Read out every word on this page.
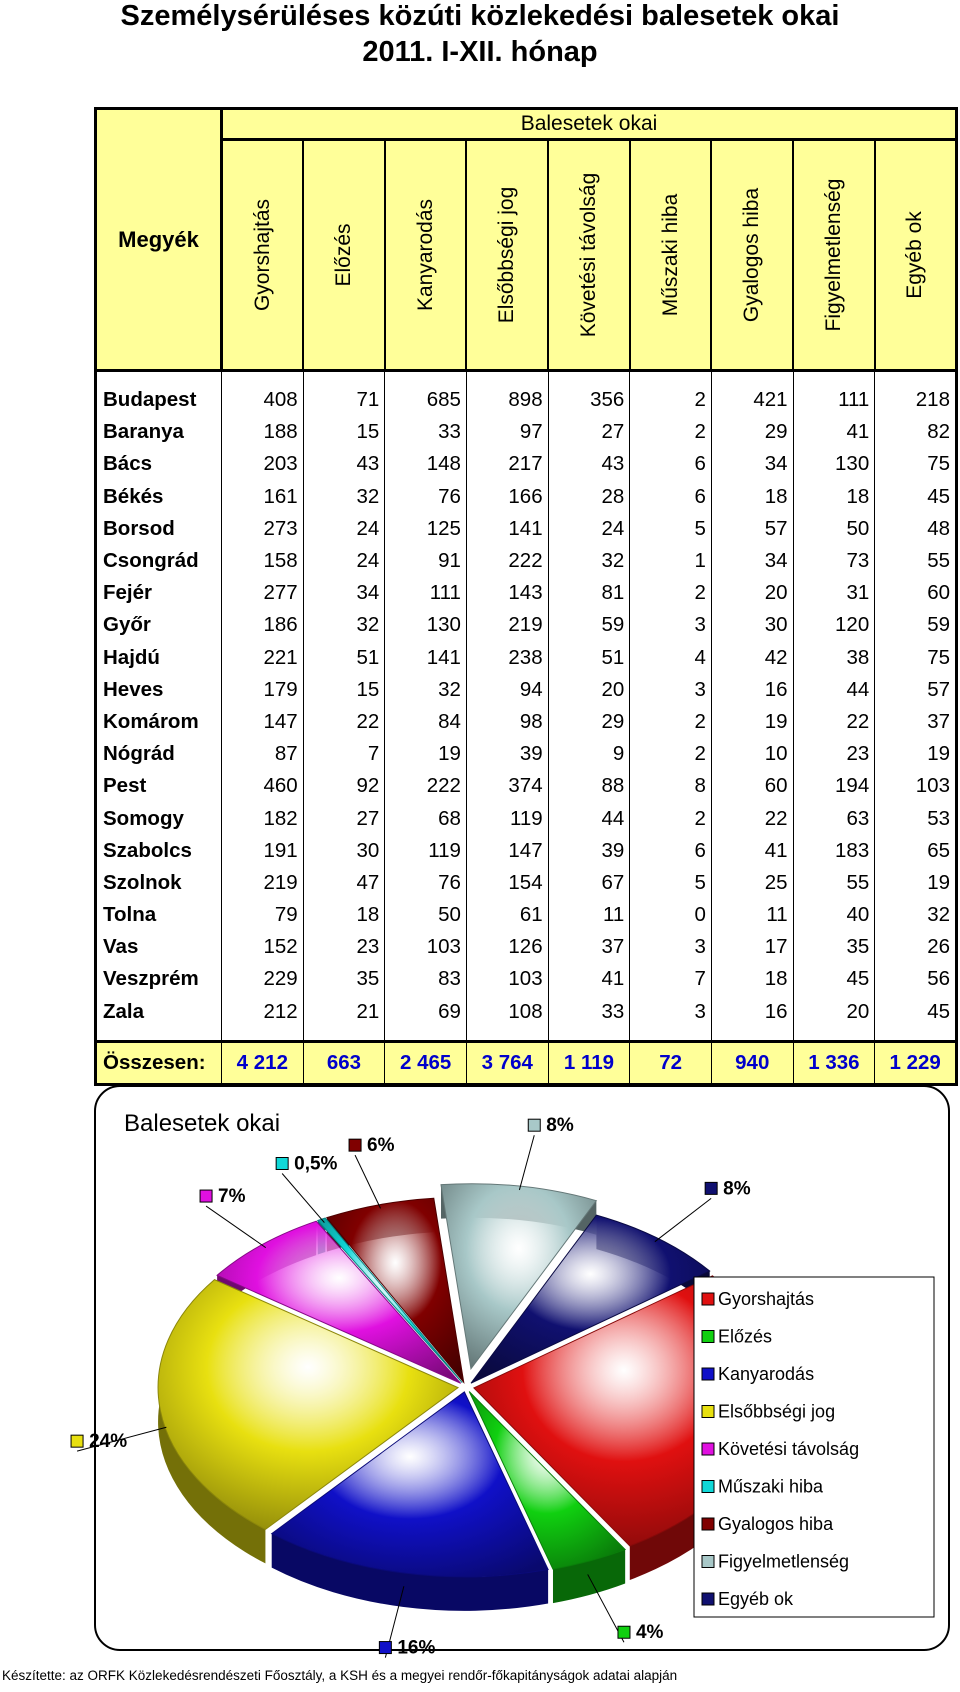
Személysérüléses közúti közlekedési balesetek okai
2011. I-XII. hónap
Megyék	Balesetek okai								

	Gyorshajtás	Előzés	Kanyarodás	Elsőbbségi jog	Követési távolság	Műszaki hiba	Gyalogos hiba	Figyelmetlenség	Egyéb ok

Budapest	408	71	685	898	356	2	421	111	218
Baranya	188	15	33	97	27	2	29	41	82
Bács	203	43	148	217	43	6	34	130	75
Békés	161	32	76	166	28	6	18	18	45
Borsod	273	24	125	141	24	5	57	50	48
Csongrád	158	24	91	222	32	1	34	73	55
Fejér	277	34	111	143	81	2	20	31	60
Győr	186	32	130	219	59	3	30	120	59
Hajdú	221	51	141	238	51	4	42	38	75
Heves	179	15	32	94	20	3	16	44	57
Komárom	147	22	84	98	29	2	19	22	37
Nógrád	87	7	19	39	9	2	10	23	19
Pest	460	92	222	374	88	8	60	194	103
Somogy	182	27	68	119	44	2	22	63	53
Szabolcs	191	30	119	147	39	6	41	183	65
Szolnok	219	47	76	154	67	5	25	55	19
Tolna	79	18	50	61	11	0	11	40	32
Vas	152	23	103	126	37	3	17	35	26
Veszprém	229	35	83	103	41	7	18	45	56
Zala	212	21	69	108	33	3	16	20	45

Összesen:	4 212	663	2 465	3 764	1 119	72	940	1 336	1 229
Balesetek okai
4%
16%
24%
7%
0,5%
6%
8%
8%
Gyorshajtás
Előzés
Kanyarodás
Elsőbbségi jog
Követési távolság
Műszaki hiba
Gyalogos hiba
Figyelmetlenség
Egyéb ok
Készítette: az ORFK Közlekedésrendészeti Főosztály, a KSH és a megyei rendőr-főkapitányságok adatai alapján
